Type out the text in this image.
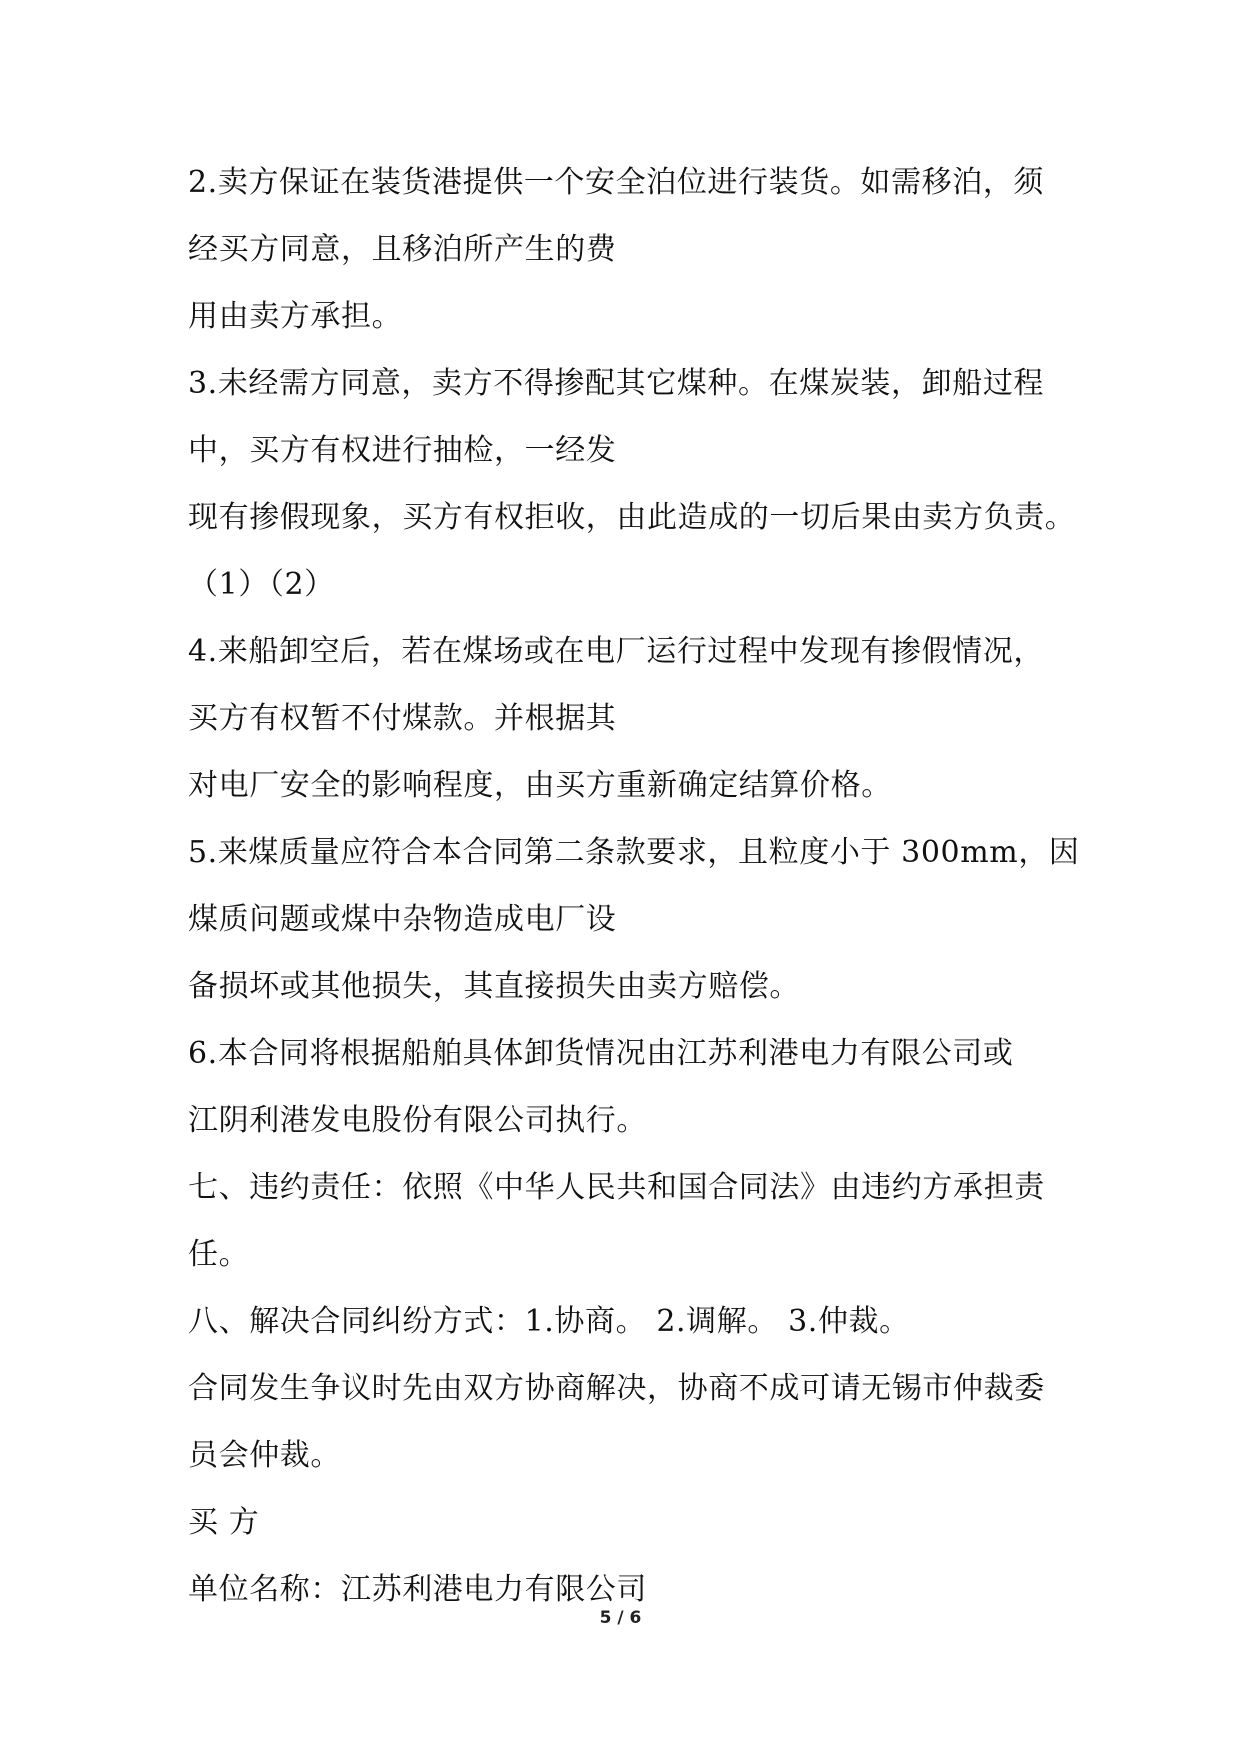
2.卖方保证在装货港提供一个安全泊位进行装货。如需移泊，须
经买方同意，且移泊所产生的费
用由卖方承担。
3.未经需方同意，卖方不得掺配其它煤种。在煤炭装，卸船过程
中，买方有权进行抽检，一经发
现有掺假现象，买方有权拒收，由此造成的一切后果由卖方负责。
（1）（2）
4.来船卸空后，若在煤场或在电厂运行过程中发现有掺假情况，
买方有权暂不付煤款。并根据其
对电厂安全的影响程度，由买方重新确定结算价格。
5.来煤质量应符合本合同第二条款要求，且粒度小于 300mm，因
煤质问题或煤中杂物造成电厂设
备损坏或其他损失，其直接损失由卖方赔偿。
6.本合同将根据船舶具体卸货情况由江苏利港电力有限公司或
江阴利港发电股份有限公司执行。
七、违约责任：依照《中华人民共和国合同法》由违约方承担责
任。
八、解决合同纠纷方式：1.协商。 2.调解。 3.仲裁。
合同发生争议时先由双方协商解决，协商不成可请无锡市仲裁委
员会仲裁。
买 方
单位名称：江苏利港电力有限公司
5 / 6
